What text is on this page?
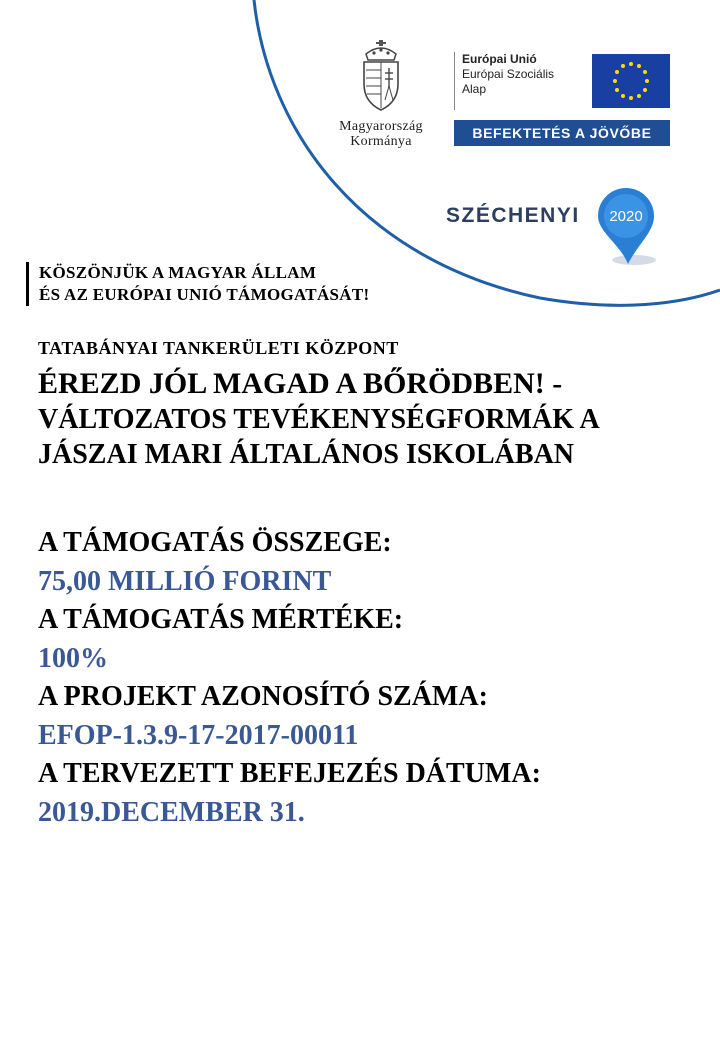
Magyarország
Kormánya
Európai Unió
Európai Szociális
Alap
BEFEKTETÉS A JÖVŐBE
SZÉCHENYI 2020
KÖSZÖNJÜK A MAGYAR ÁLLAM
ÉS AZ EURÓPAI UNIÓ TÁMOGATÁSÁT!
TATABÁNYAI TANKERÜLETI KÖZPONT
ÉREZD JÓL MAGAD A BŐRÖDBEN! -
VÁLTOZATOS TEVÉKENYSÉGFORMÁK A
JÁSZAI MARI ÁLTALÁNOS ISKOLÁBAN
A TÁMOGATÁS ÖSSZEGE:
75,00 MILLIÓ FORINT
A TÁMOGATÁS MÉRTÉKE:
100%
A PROJEKT AZONOSÍTÓ SZÁMA:
EFOP-1.3.9-17-2017-00011
A TERVEZETT BEFEJEZÉS DÁTUMA:
2019.DECEMBER 31.
